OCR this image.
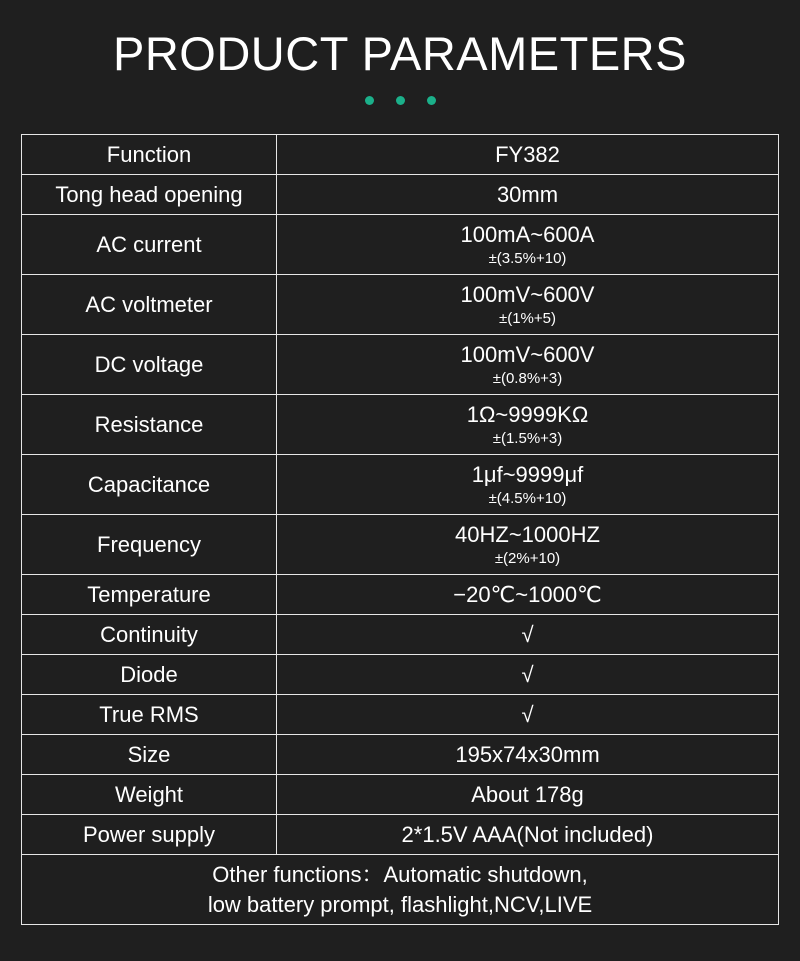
PRODUCT PARAMETERS
Function	FY382
Tong head opening	30mm
AC current	100mA~600A
±(3.5%+10)

AC voltmeter	100mV~600V
±(1%+5)

DC voltage	100mV~600V
±(0.8%+3)

Resistance	1Ω~9999KΩ
±(1.5%+3)

Capacitance	1μf~9999μf
±(4.5%+10)

Frequency	40HZ~1000HZ
±(2%+10)

Temperature	−20℃~1000℃
Continuity	√
Diode	√
True RMS	√
Size	195x74x30mm
Weight	About 178g
Power supply	2*1.5V AAA(Not included)

Other functions：Automatic shutdown,
low battery prompt, flashlight,NCV,LIVE	
